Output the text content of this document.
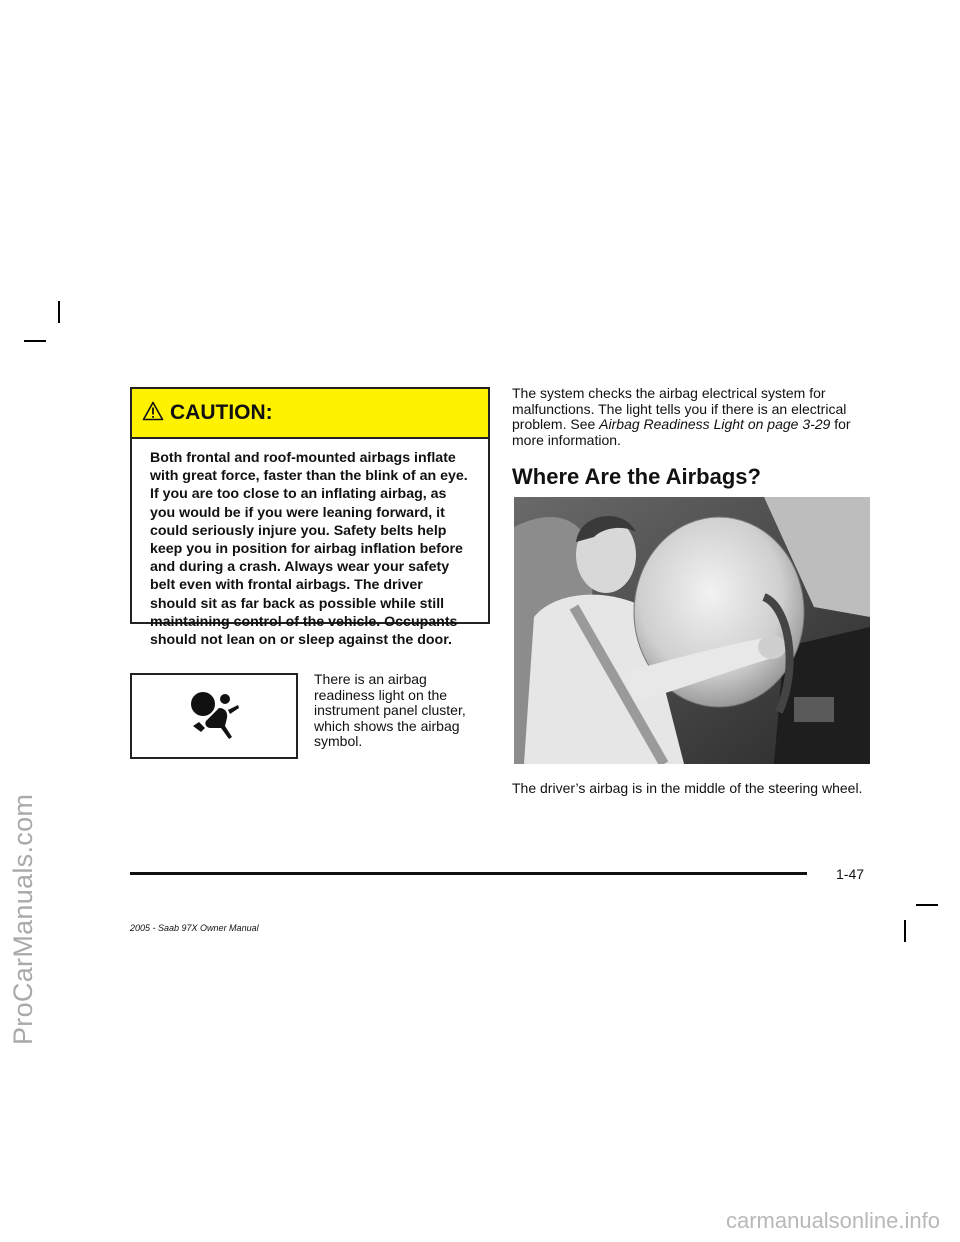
ProCarManuals.com
CAUTION:
Both frontal and roof-mounted airbags inflate with great force, faster than the blink of an eye. If you are too close to an inflating airbag, as you would be if you were leaning forward, it could seriously injure you. Safety belts help keep you in position for airbag inflation before and during a crash. Always wear your safety belt even with frontal airbags. The driver should sit as far back as possible while still maintaining control of the vehicle. Occupants should not lean on or sleep against the door.
There is an airbag readiness light on the instrument panel cluster, which shows the airbag symbol.
The system checks the airbag electrical system for malfunctions. The light tells you if there is an electrical problem. See Airbag Readiness Light on page 3-29 for more information.
Where Are the Airbags?
The driver’s airbag is in the middle of the steering wheel.
1-47
2005 - Saab 97X Owner Manual
carmanualsonline.info
